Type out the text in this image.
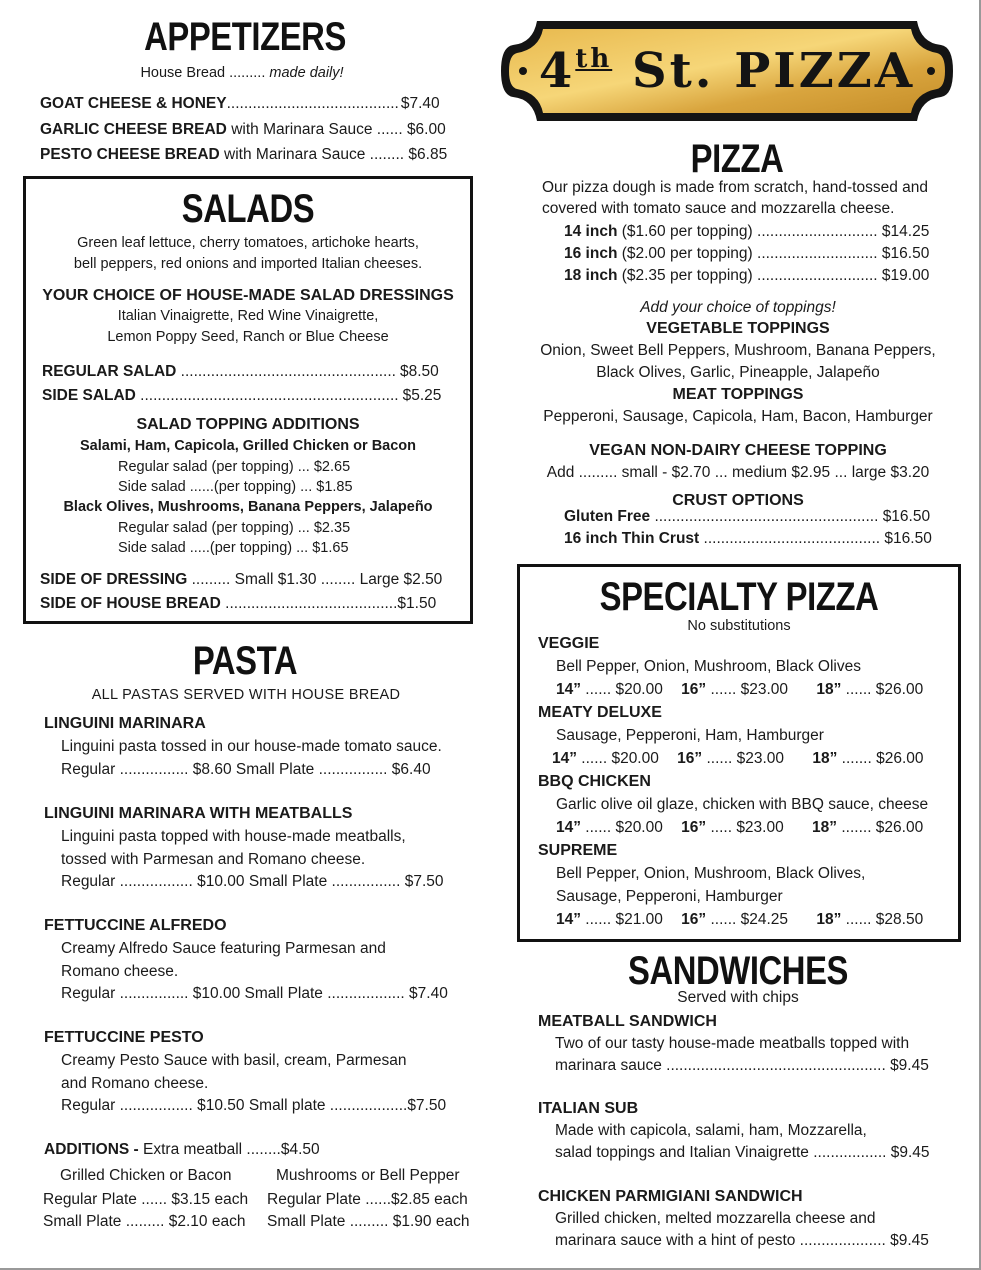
APPETIZERS
House Bread ......... made daily!
GOAT CHEESE & HONEY........................................ $7.40
GARLIC CHEESE BREAD with Marinara Sauce ...... $6.00
PESTO CHEESE BREAD with Marinara Sauce ........ $6.85
SALADS
Green leaf lettuce, cherry tomatoes, artichoke hearts,
bell peppers, red onions and imported Italian cheeses.
YOUR CHOICE OF HOUSE-MADE SALAD DRESSINGS
Italian Vinaigrette, Red Wine Vinaigrette,
Lemon Poppy Seed, Ranch or Blue Cheese
REGULAR SALAD .................................................. $8.50
SIDE SALAD ............................................................ $5.25
SALAD TOPPING ADDITIONS
Salami, Ham, Capicola, Grilled Chicken or Bacon
Regular salad (per topping) ... $2.65
Side salad ......(per topping) ... $1.85
Black Olives, Mushrooms, Banana Peppers, Jalapeño
Regular salad (per topping) ... $2.35
Side salad .....(per topping) ... $1.65
SIDE OF DRESSING ......... Small $1.30 ........ Large $2.50
SIDE OF HOUSE BREAD ........................................$1.50
PASTA
ALL PASTAS SERVED WITH HOUSE BREAD
LINGUINI MARINARA
Linguini pasta tossed in our house-made tomato sauce.
Regular ................ $8.60 Small Plate ................ $6.40
LINGUINI MARINARA WITH MEATBALLS
Linguini pasta topped with house-made meatballs,
tossed with Parmesan and Romano cheese.
Regular ................. $10.00 Small Plate ................ $7.50
FETTUCCINE ALFREDO
Creamy Alfredo Sauce featuring Parmesan and
Romano cheese.
Regular ................ $10.00 Small Plate .................. $7.40
FETTUCCINE PESTO
Creamy Pesto Sauce with basil, cream, Parmesan
and Romano cheese.
Regular ................. $10.50 Small plate ..................$7.50
ADDITIONS - Extra meatball ........$4.50
Grilled Chicken or Bacon
Regular Plate ...... $3.15 each
Small Plate ......... $2.10 each
Mushrooms or Bell Pepper
Regular Plate ......$2.85 each
Small Plate ......... $1.90 each
4th St. PIZZA
PIZZA
Our pizza dough is made from scratch, hand-tossed and
covered with tomato sauce and mozzarella cheese.
14 inch ($1.60 per topping) ............................ $14.25
16 inch ($2.00 per topping) ............................ $16.50
18 inch ($2.35 per topping) ............................ $19.00
Add your choice of toppings!
VEGETABLE TOPPINGS
Onion, Sweet Bell Peppers, Mushroom, Banana Peppers,
Black Olives, Garlic, Pineapple, Jalapeño
MEAT TOPPINGS
Pepperoni, Sausage, Capicola, Ham, Bacon, Hamburger
VEGAN NON-DAIRY CHEESE TOPPING
Add ......... small - $2.70 ... medium $2.95 ... large $3.20
CRUST OPTIONS
Gluten Free .................................................... $16.50
16 inch Thin Crust ......................................... $16.50
SPECIALTY PIZZA
No substitutions
VEGGIE
Bell Pepper, Onion, Mushroom, Black Olives
14” ...... $20.00 16” ...... $23.00 18” ...... $26.00
MEATY DELUXE
Sausage, Pepperoni, Ham, Hamburger
14” ...... $20.00 16” ...... $23.00 18” ....... $26.00
BBQ CHICKEN
Garlic olive oil glaze, chicken with BBQ sauce, cheese
14” ...... $20.00 16” ..... $23.00 18” ....... $26.00
SUPREME
Bell Pepper, Onion, Mushroom, Black Olives,
Sausage, Pepperoni, Hamburger
14” ...... $21.00 16” ...... $24.25 18” ...... $28.50
SANDWICHES
Served with chips
MEATBALL SANDWICH
Two of our tasty house-made meatballs topped with
marinara sauce ................................................... $9.45
ITALIAN SUB
Made with capicola, salami, ham, Mozzarella,
salad toppings and Italian Vinaigrette ................. $9.45
CHICKEN PARMIGIANI SANDWICH
Grilled chicken, melted mozzarella cheese and
marinara sauce with a hint of pesto .................... $9.45
